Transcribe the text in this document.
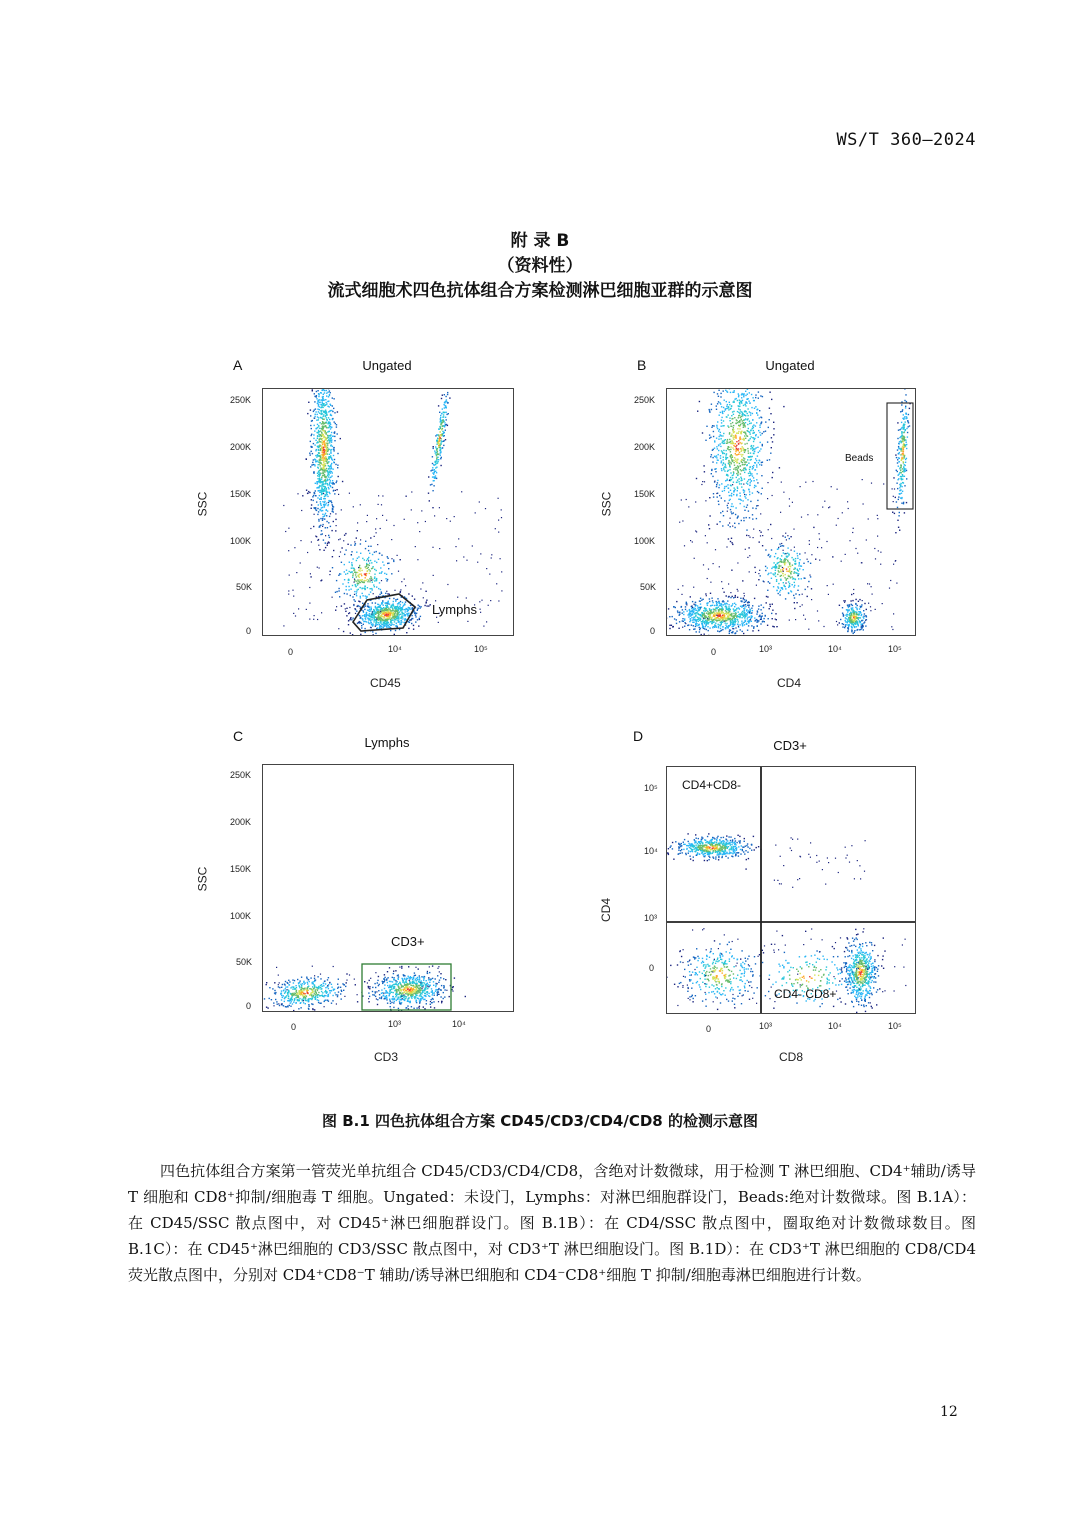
WS/T 360—2024
附 录 B
（资料性）
流式细胞术四色抗体组合方案检测淋巴细胞亚群的示意图
A	Ungated
Lymphs
250K
200K
150K
100K
50K
0
0	10⁴	10⁵
CD45
SSC
B	Ungated
Beads
250K
200K
150K
100K
50K
0
0	10³	10⁴	10⁵
CD4
SSC
C	Lymphs
CD3+
250K
200K
150K
100K
50K
0
0	10³	10⁴
CD3
SSC
D
CD3+
CD4+CD8-
CD4- CD8+
10⁵
10⁴
10³
0
0	10³	10⁴	10⁵
CD8
CD4
图 B.1 四色抗体组合方案 CD45/CD3/CD4/CD8 的检测示意图
四色抗体组合方案第一管荧光单抗组合 CD45/CD3/CD4/CD8，含绝对计数微球，用于检测 T 淋巴细胞、CD4⁺辅助/诱导 T 细胞和 CD8⁺抑制/细胞毒 T 细胞。Ungated：未设门，Lymphs：对淋巴细胞群设门，Beads:绝对计数微球。图 B.1A）：在 CD45/SSC 散点图中，对 CD45⁺淋巴细胞群设门。图 B.1B）：在 CD4/SSC 散点图中，圈取绝对计数微球数目。图 B.1C）：在 CD45⁺淋巴细胞的 CD3/SSC 散点图中，对 CD3⁺T 淋巴细胞设门。图 B.1D）：在 CD3⁺T 淋巴细胞的 CD8/CD4 荧光散点图中，分别对 CD4⁺CD8⁻T 辅助/诱导淋巴细胞和 CD4⁻CD8⁺细胞 T 抑制/细胞毒淋巴细胞进行计数。
12
